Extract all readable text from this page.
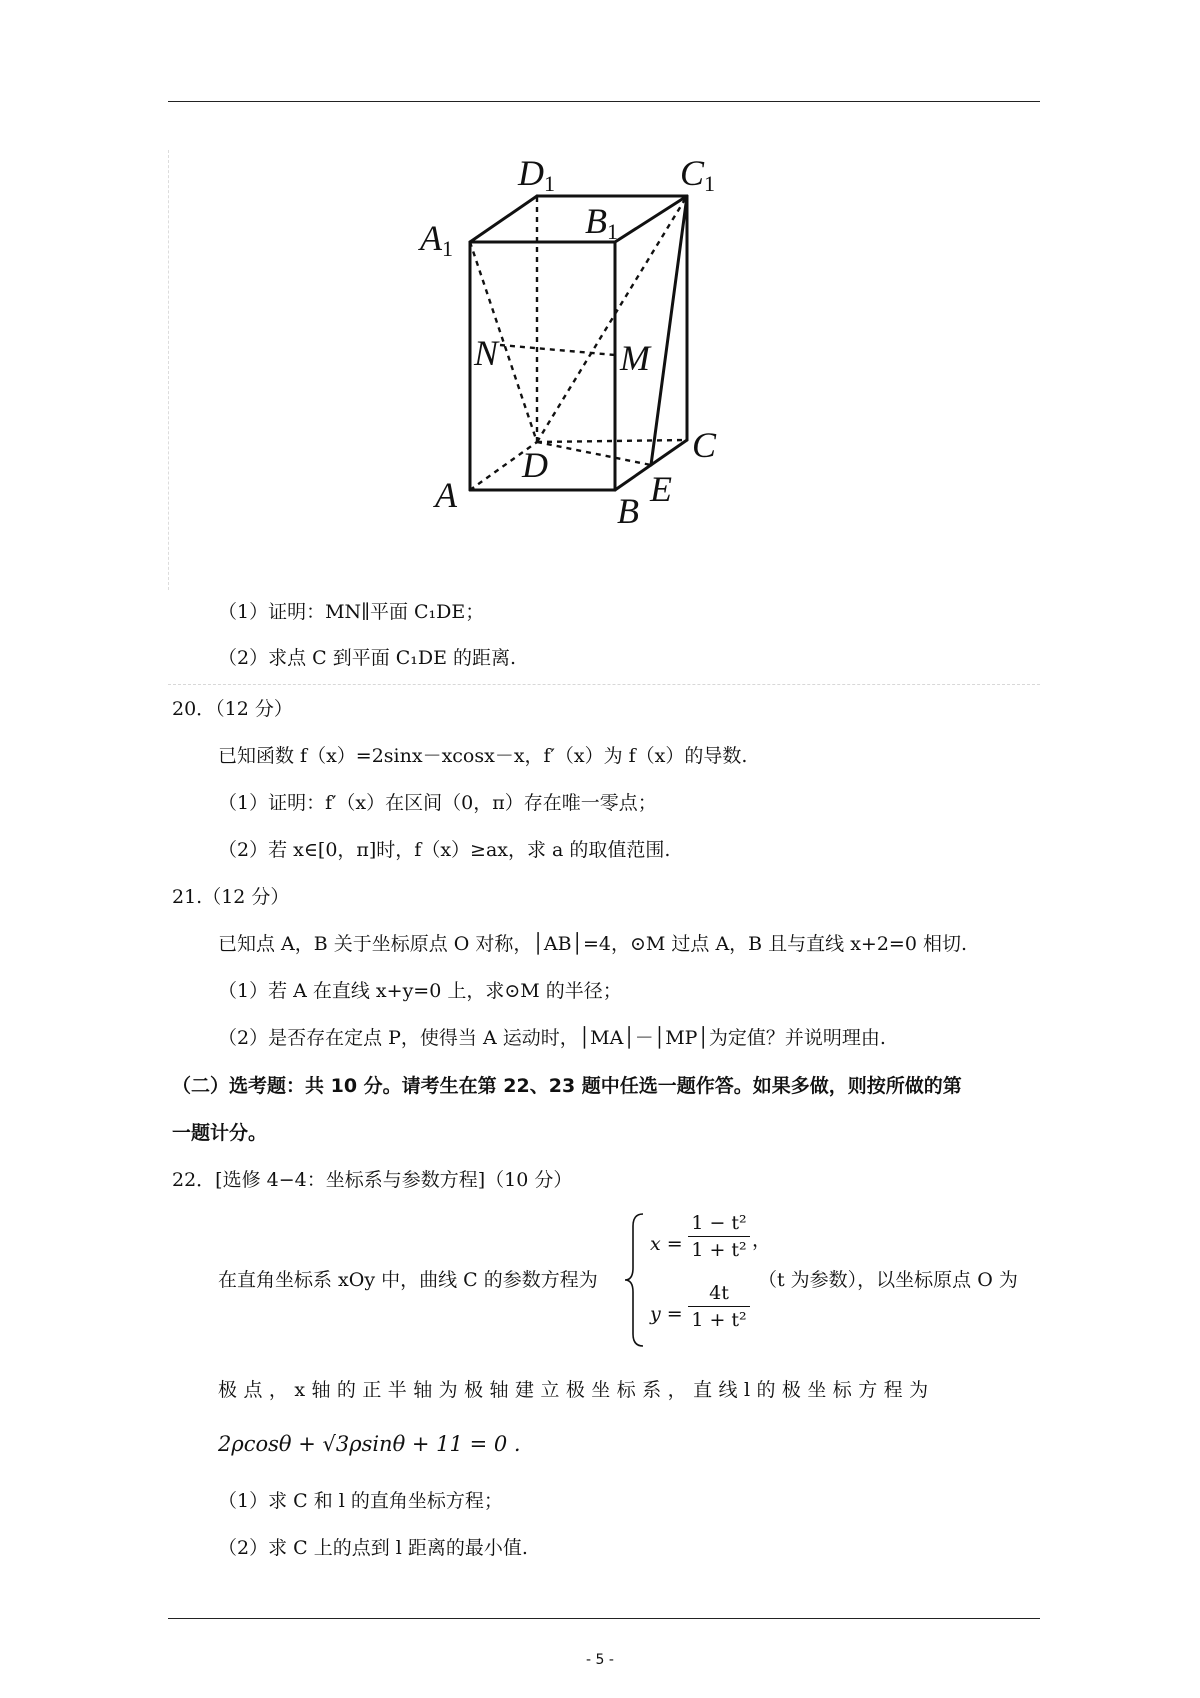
D1	C1
A1
B1
N	M
D	C
A	B
E
（1）证明：MN∥平面 C₁DE；
（2）求点 C 到平面 C₁DE 的距离.
20．（12 分）
已知函数 f（x）=2sinx－xcosx－x，f′（x）为 f（x）的导数.
（1）证明：f′（x）在区间（0，π）存在唯一零点；
（2）若 x∈[0，π]时，f（x）≥ax，求 a 的取值范围.
21.（12 分）
已知点 A，B 关于坐标原点 O 对称，│AB│=4，⊙M 过点 A，B 且与直线 x+2=0 相切.
（1）若 A 在直线 x+y=0 上，求⊙M 的半径；
（2）是否存在定点 P，使得当 A 运动时，│MA│－│MP│为定值？并说明理由.
（二）选考题：共 10 分。请考生在第 22、23 题中任选一题作答。如果多做，则按所做的第
一题计分。
22．[选修 4−4：坐标系与参数方程]（10 分）
在直角坐标系 xOy 中，曲线 C 的参数方程为
x =
1 − t²
1 + t² ，
y =
4t
1 + t²
（t 为参数），以坐标原点 O 为
极 点 ， x 轴 的 正 半 轴 为 极 轴 建 立 极 坐 标 系 ， 直 线 l 的 极 坐 标 方 程 为
2ρcosθ + √3ρsinθ + 11 = 0 .
（1）求 C 和 l 的直角坐标方程；
（2）求 C 上的点到 l 距离的最小值.
- 5 -
